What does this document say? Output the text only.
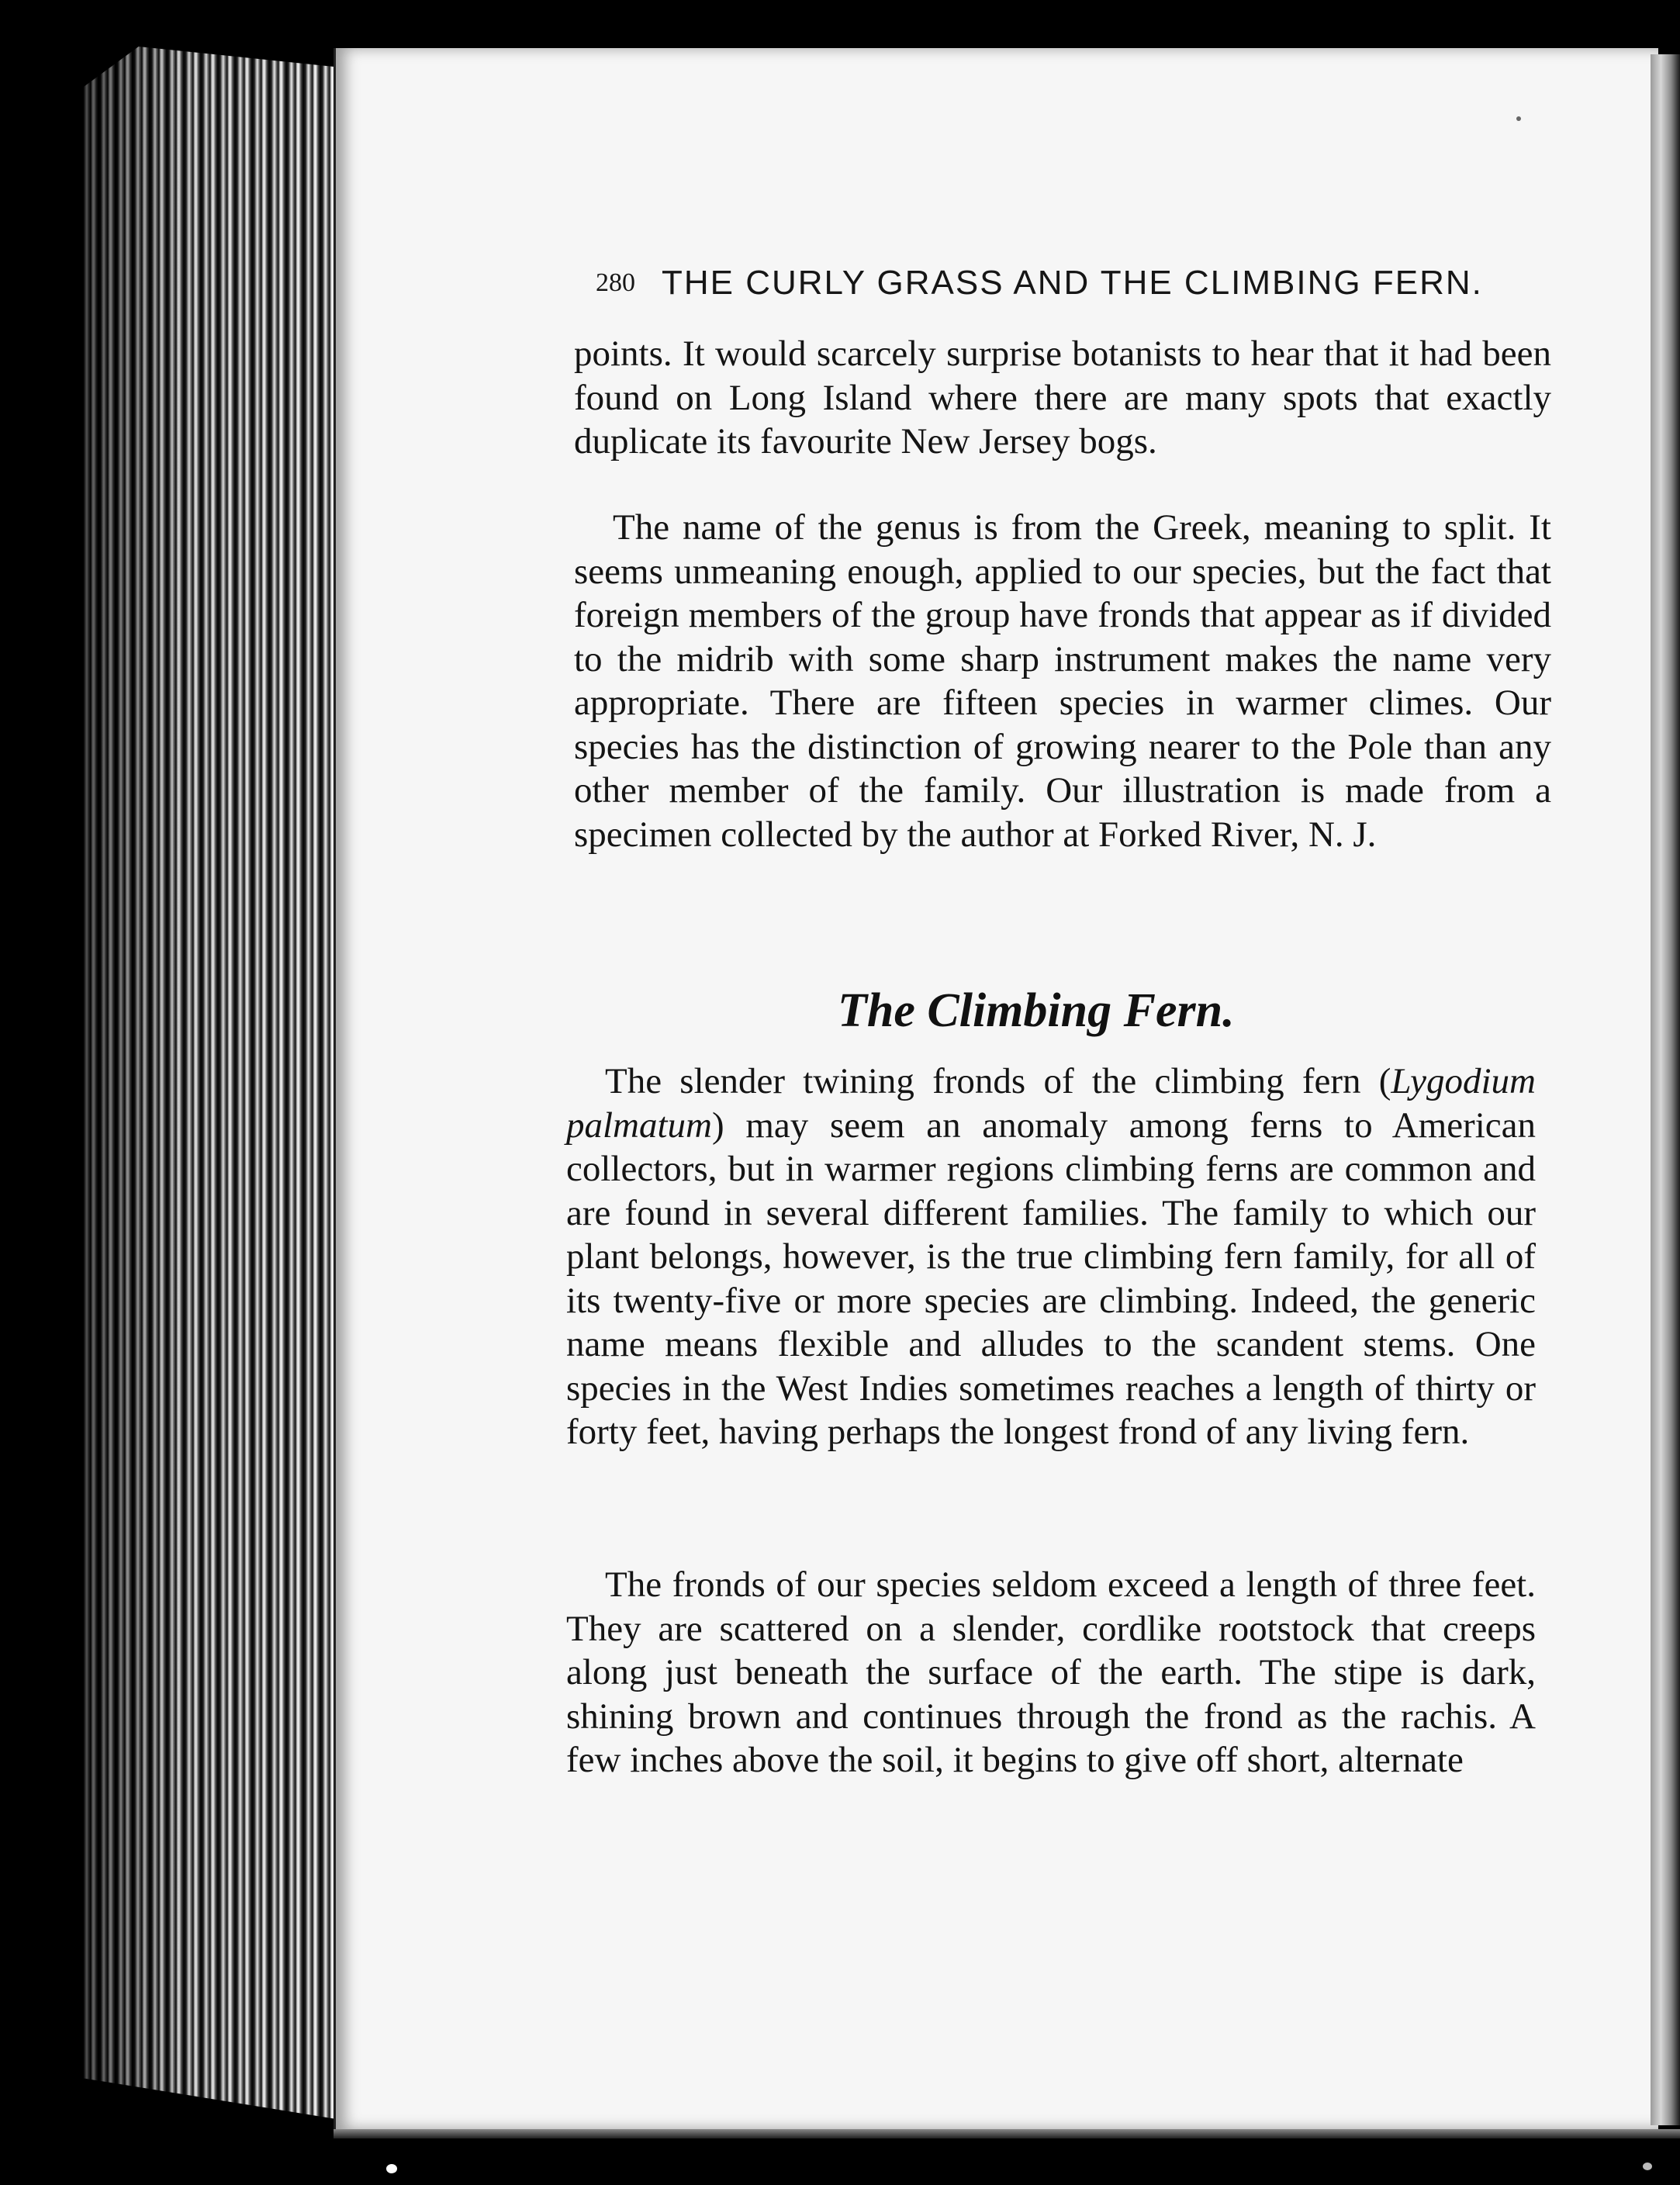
280 THE CURLY GRASS AND THE CLIMBING FERN.

points. It would scarcely surprise botanists to hear that it had been found on Long Island where there are many spots that exactly duplicate its favourite New Jersey bogs.

The name of the genus is from the Greek, meaning to split. It seems unmeaning enough, applied to our species, but the fact that foreign members of the group have fronds that appear as if divided to the midrib with some sharp instrument makes the name very appropriate. There are fifteen species in warmer climes. Our species has the distinction of growing nearer to the Pole than any other member of the family. Our illustration is made from a specimen collected by the author at Forked River, N. J.

The Climbing Fern.

The slender twining fronds of the climbing fern (Lygodium palmatum) may seem an anomaly among ferns to American collectors, but in warmer regions climbing ferns are common and are found in several different families. The family to which our plant belongs, however, is the true climbing fern family, for all of its twenty-five or more species are climbing. Indeed, the generic name means flexible and alludes to the scandent stems. One species in the West Indies sometimes reaches a length of thirty or forty feet, having perhaps the longest frond of any living fern.

The fronds of our species seldom exceed a length of three feet. They are scattered on a slender, cordlike rootstock that creeps along just beneath the surface of the earth. The stipe is dark, shining brown and continues through the frond as the rachis. A few inches above the soil, it begins to give off short, alternate
